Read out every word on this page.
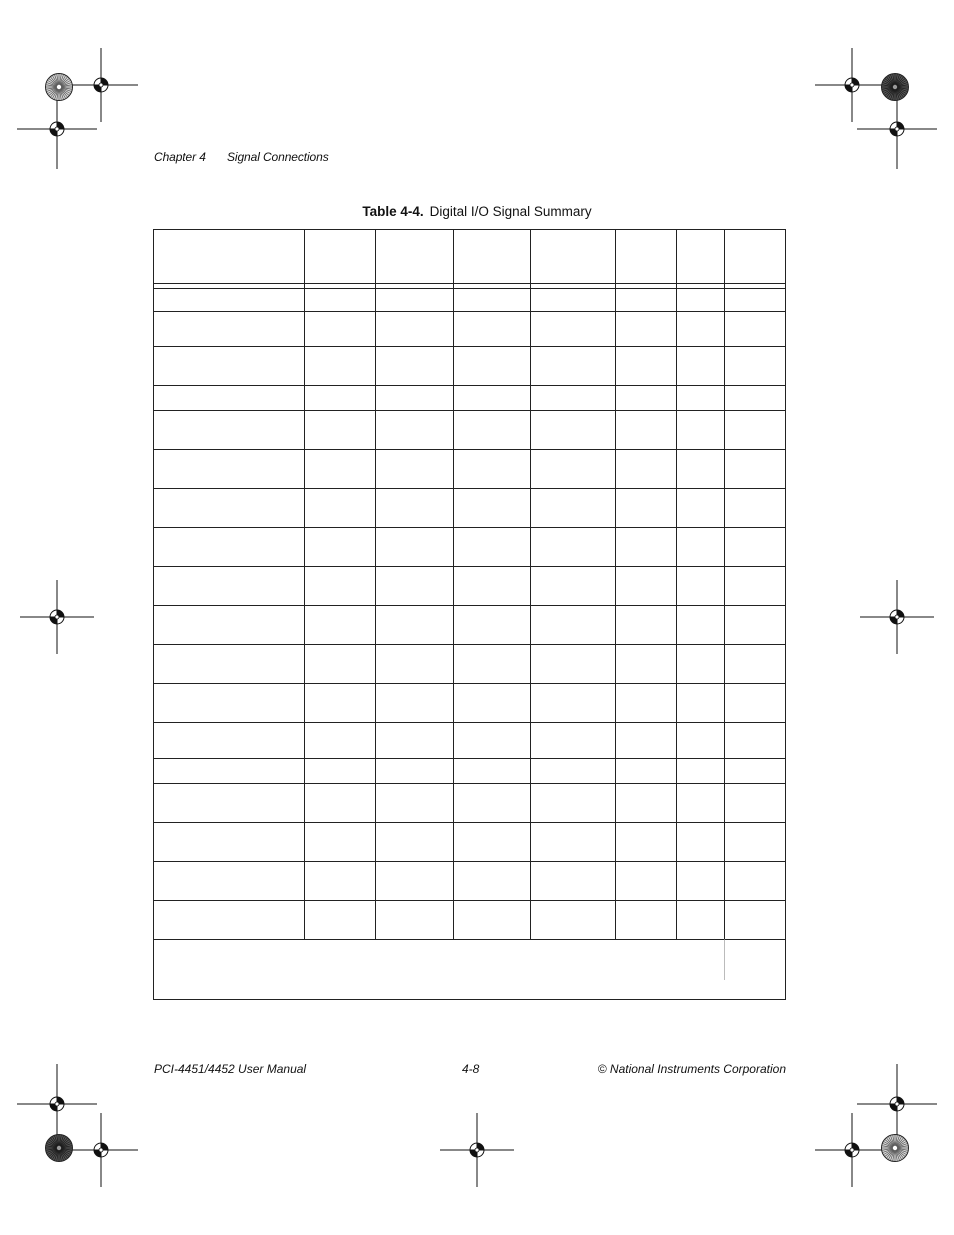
Chapter 4 Signal Connections
Table 4-4. Digital I/O Signal Summary
PCI-4451/4452 User Manual	4-8	© National Instruments Corporation
